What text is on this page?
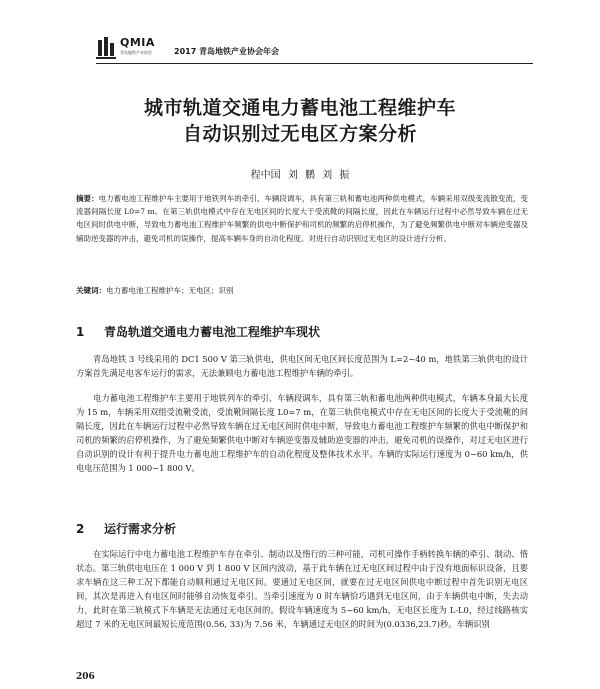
QMIA
青岛地铁产业协会	2017 青岛地铁产业协会年会
城市轨道交通电力蓄电池工程维护车
自动识别过无电区方案分析
程中国 刘 鹏 刘 振
摘要：电力蓄电池工程维护车主要用于地铁列车的牵引、车辆段调车，具有第三轨和蓄电池两种供电模式，车辆采用双级变流散变流，变流器间隔长度 L0=7 m。在第三轨供电模式中存在无电区间的长度大于受流靴的间隔长度，因此在车辆运行过程中必然导致车辆在过无电区间时供电中断，导致电力蓄电池工程维护车频繁的供电中断保护和司机的频繁的启停机操作，为了避免频繁供电中断对车辆逆变器及辅助逆变器的冲击，避免司机的误操作，提高车辆车身的自动化程度。对进行自动识别过无电区的设计进行分析。
关键词：电力蓄电池工程维护车；无电区；识别
1 青岛轨道交通电力蓄电池工程维护车现状
青岛地铁 3 号线采用的 DC1 500 V 第三轨供电，供电区间无电区间长度范围为 L=2~40 m，地铁第三轨供电的设计方案首先满足电客车运行的需求，无法兼顾电力蓄电池工程维护车辆的牵引。
电力蓄电池工程维护车主要用于地铁列车的牵引、车辆段调车，具有第三轨和蓄电池两种供电模式，车辆本身最大长度为 15 m，车辆采用双组受流靴受流，受流靴间隔长度 L0=7 m，在第三轨供电模式中存在无电区间的长度大于受流靴的间隔长度，因此在车辆运行过程中必然导致车辆在过无电区间时供电中断，导致电力蓄电池工程维护车频繁的供电中断保护和司机的频繁的启停机操作，为了避免频繁供电中断对车辆逆变器及辅助逆变器的冲击，避免司机的误操作，对过无电区进行自动识别的设计有利于提升电力蓄电池工程维护车的自动化程度及整体技术水平。车辆的实际运行速度为 0~60 km/h，供电电压范围为 1 000~1 800 V。
2 运行需求分析
在实际运行中电力蓄电池工程维护车存在牵引、制动以及惰行的三种可能，司机可操作手柄转换车辆的牵引、制动、惰状态。第三轨供电电压在 1 000 V 到 1 800 V 区间内波动，基于此车辆在过无电区间过程中由于没有地面标识设备，且要求车辆在这三种工况下都能自动顺利通过无电区间。要通过无电区间，就要在过无电区间供电中断过程中首先识别无电区间，其次是再进入有电区间时能够自动恢复牵引。当牵引速度为 0 时车辆恰巧遇到无电区间，由于车辆供电中断，失去动力，此时在第三轨模式下车辆是无法通过无电区间的。假设车辆速度为 5~60 km/h，无电区长度为 L-L0，经过线路核实超过 7 米的无电区间最短长度范围(0.56, 33)为 7.56 米，车辆通过无电区的时间为(0.0336,23.7)秒。车辆识别
206
